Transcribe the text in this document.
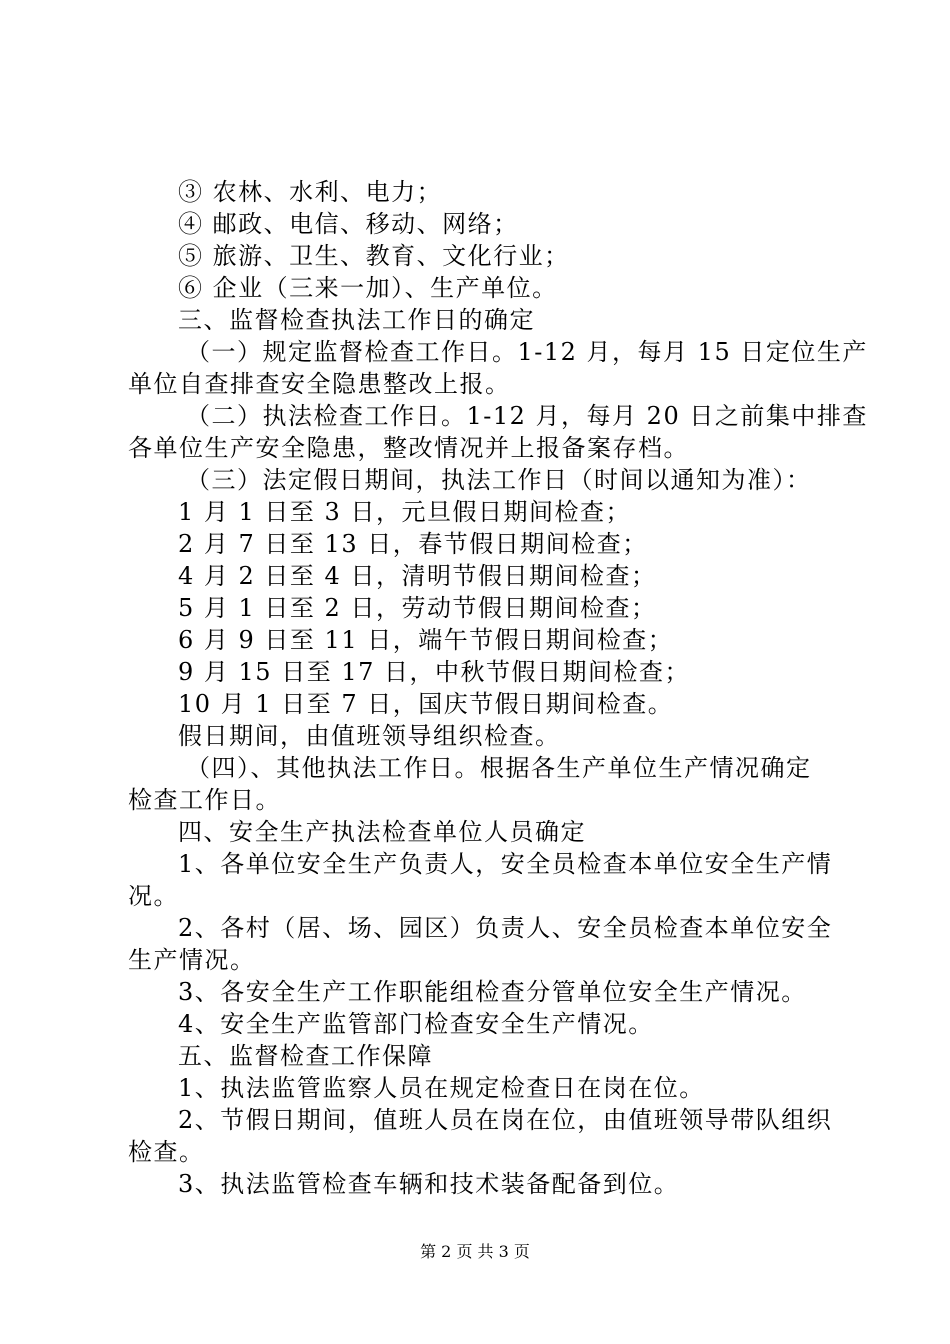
③ 农林、水利、电力；
④ 邮政、电信、移动、网络；
⑤ 旅游、卫生、教育、文化行业；
⑥ 企业（三来一加）、生产单位。
三、监督检查执法工作日的确定
（一）规定监督检查工作日。1-12 月，每月 15 日定位生产
单位自查排查安全隐患整改上报。
（二）执法检查工作日。1-12 月，每月 20 日之前集中排查
各单位生产安全隐患，整改情况并上报备案存档。
（三）法定假日期间，执法工作日（时间以通知为准）：
1 月 1 日至 3 日，元旦假日期间检查；
2 月 7 日至 13 日，春节假日期间检查；
4 月 2 日至 4 日，清明节假日期间检查；
5 月 1 日至 2 日，劳动节假日期间检查；
6 月 9 日至 11 日，端午节假日期间检查；
9 月 15 日至 17 日，中秋节假日期间检查；
10 月 1 日至 7 日，国庆节假日期间检查。
假日期间，由值班领导组织检查。
（四）、其他执法工作日。根据各生产单位生产情况确定
检查工作日。
四、安全生产执法检查单位人员确定
1、各单位安全生产负责人，安全员检查本单位安全生产情
况。
2、各村（居、场、园区）负责人、安全员检查本单位安全
生产情况。
3、各安全生产工作职能组检查分管单位安全生产情况。
4、安全生产监管部门检查安全生产情况。
五、监督检查工作保障
1、执法监管监察人员在规定检查日在岗在位。
2、节假日期间，值班人员在岗在位，由值班领导带队组织
检查。
3、执法监管检查车辆和技术装备配备到位。
第 2 页 共 3 页
